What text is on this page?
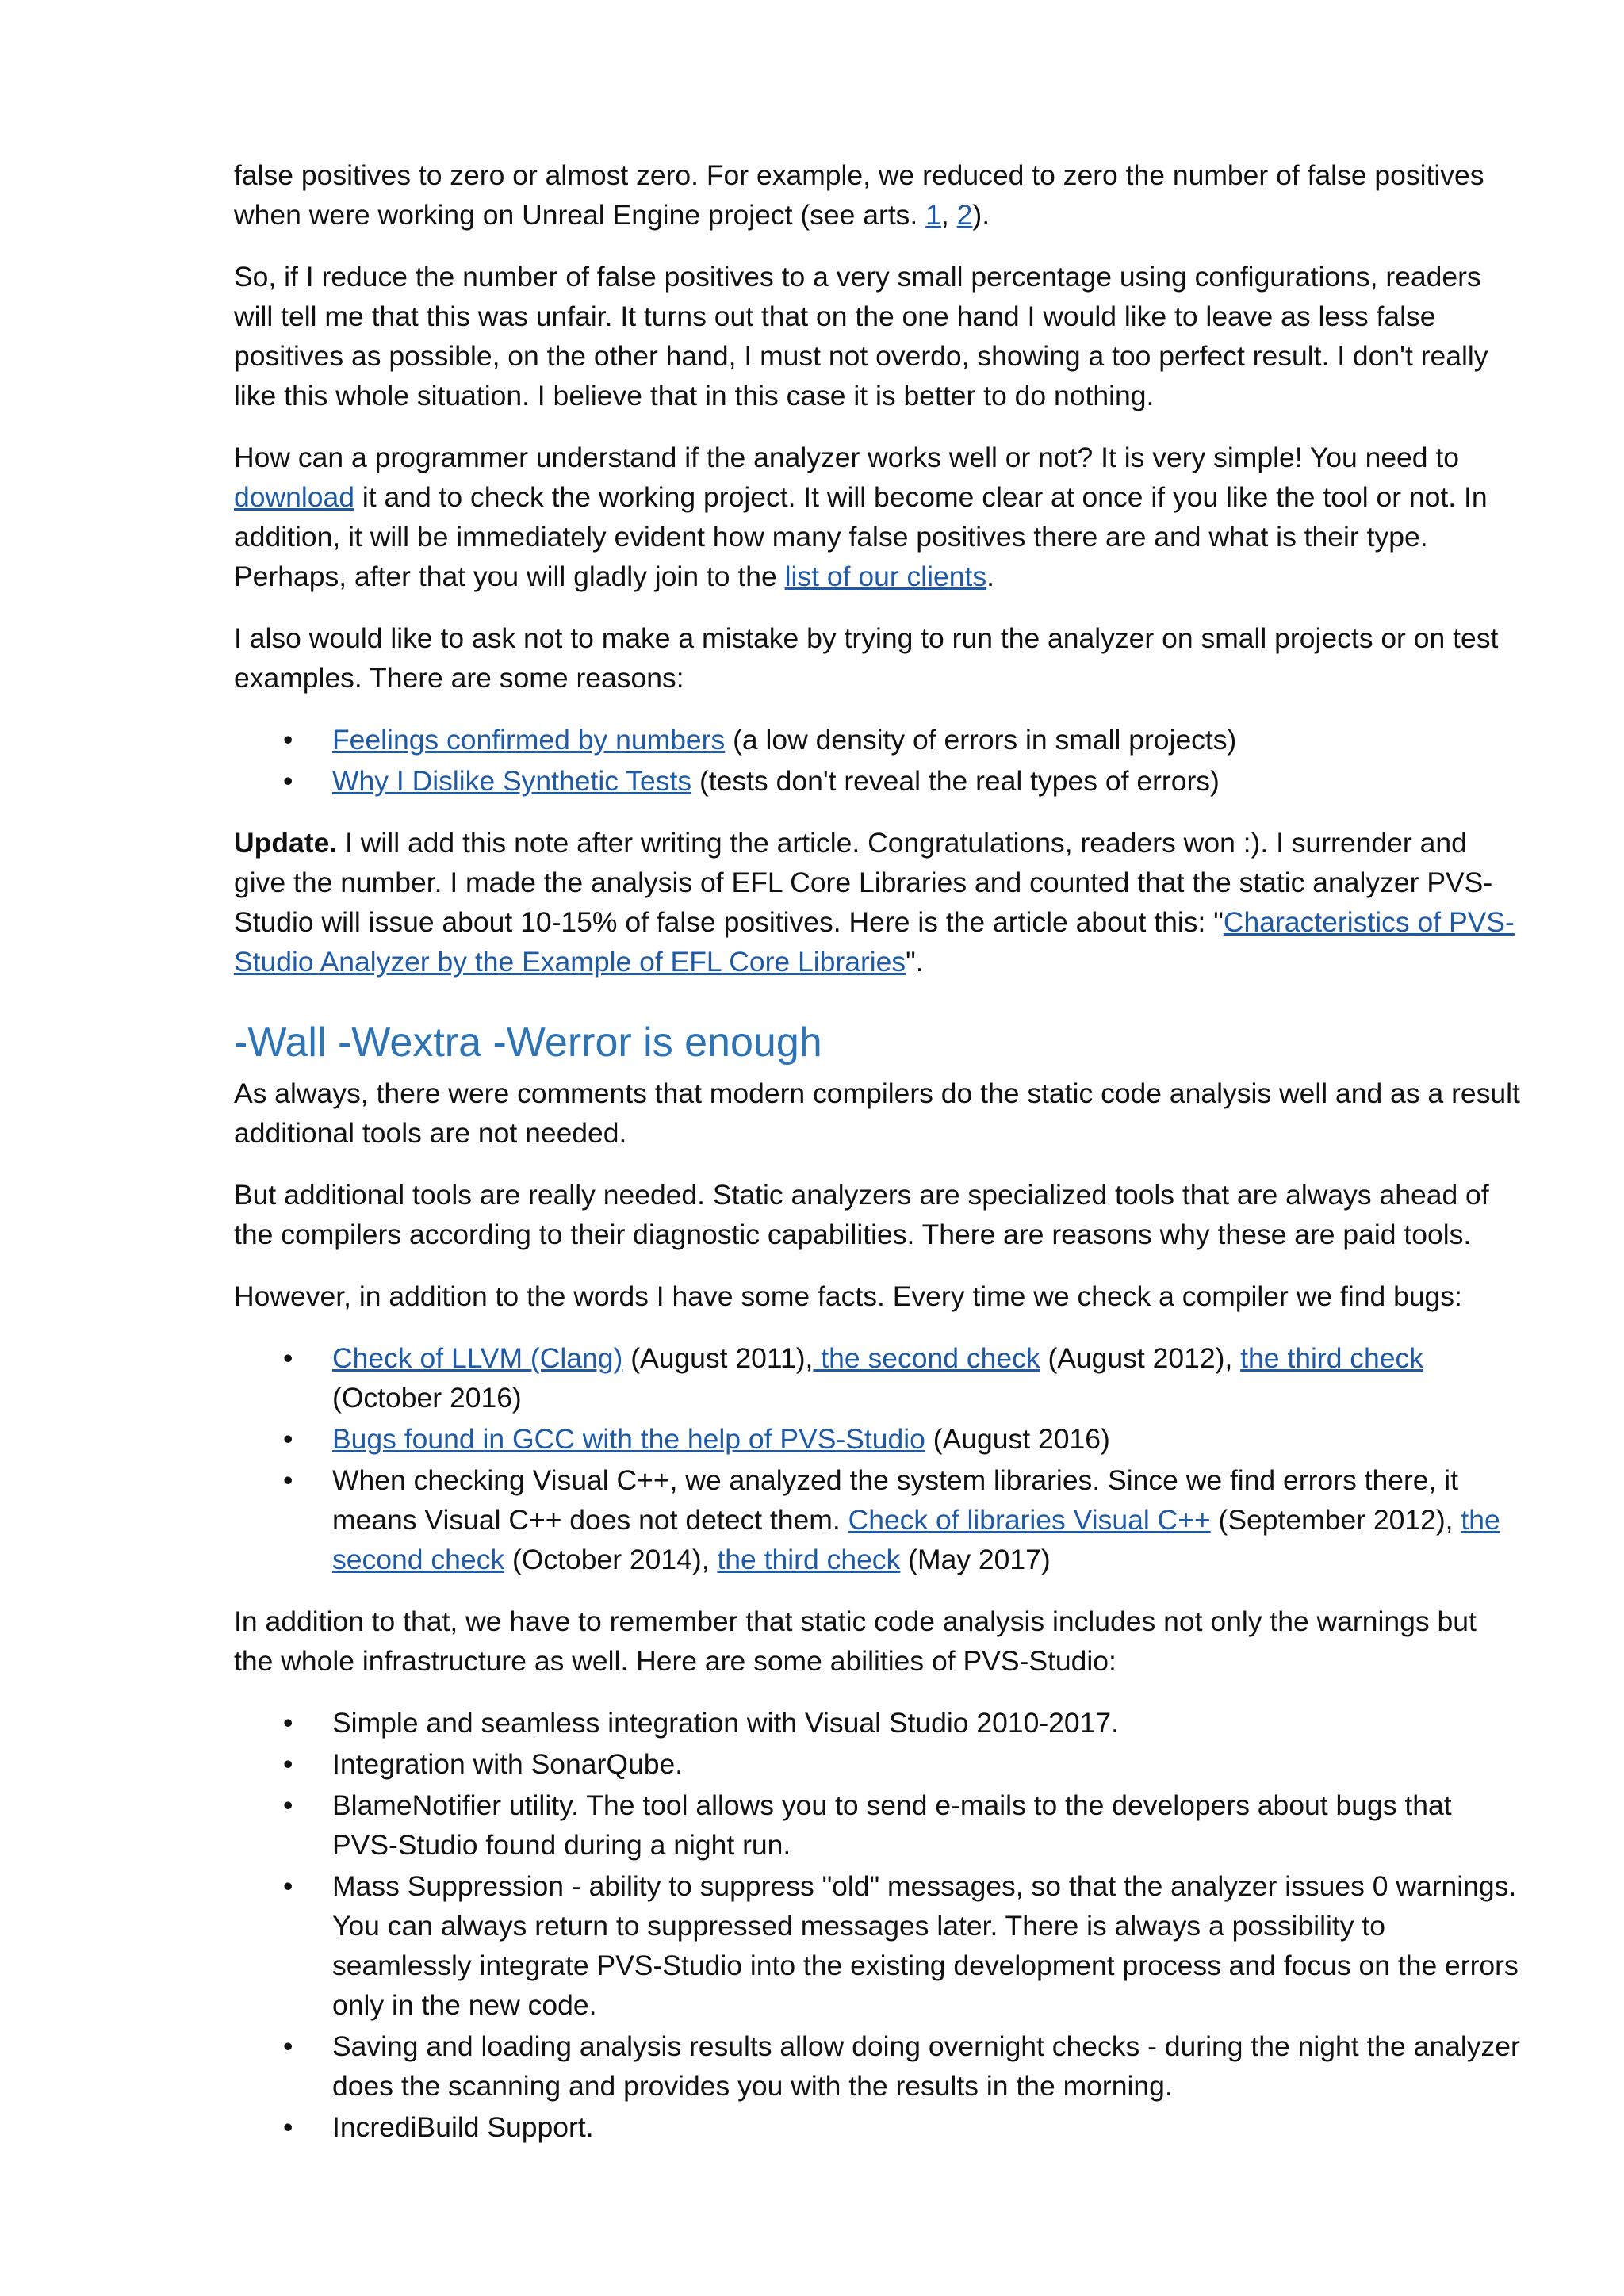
false positives to zero or almost zero. For example, we reduced to zero the number of false positives when were working on Unreal Engine project (see arts. 1, 2).

So, if I reduce the number of false positives to a very small percentage using configurations, readers will tell me that this was unfair. It turns out that on the one hand I would like to leave as less false positives as possible, on the other hand, I must not overdo, showing a too perfect result. I don't really like this whole situation. I believe that in this case it is better to do nothing.

How can a programmer understand if the analyzer works well or not? It is very simple! You need to download it and to check the working project. It will become clear at once if you like the tool or not. In addition, it will be immediately evident how many false positives there are and what is their type. Perhaps, after that you will gladly join to the list of our clients.

I also would like to ask not to make a mistake by trying to run the analyzer on small projects or on test examples. There are some reasons:

• Feelings confirmed by numbers (a low density of errors in small projects)
• Why I Dislike Synthetic Tests (tests don't reveal the real types of errors)

Update. I will add this note after writing the article. Congratulations, readers won :). I surrender and give the number. I made the analysis of EFL Core Libraries and counted that the static analyzer PVS-Studio will issue about 10-15% of false positives. Here is the article about this: "Characteristics of PVS-Studio Analyzer by the Example of EFL Core Libraries".

-Wall -Wextra -Werror is enough

As always, there were comments that modern compilers do the static code analysis well and as a result additional tools are not needed.

But additional tools are really needed. Static analyzers are specialized tools that are always ahead of the compilers according to their diagnostic capabilities. There are reasons why these are paid tools.

However, in addition to the words I have some facts. Every time we check a compiler we find bugs:

• Check of LLVM (Clang) (August 2011), the second check (August 2012), the third check (October 2016)
• Bugs found in GCC with the help of PVS-Studio (August 2016)
• When checking Visual C++, we analyzed the system libraries. Since we find errors there, it means Visual C++ does not detect them. Check of libraries Visual C++ (September 2012), the second check (October 2014), the third check (May 2017)

In addition to that, we have to remember that static code analysis includes not only the warnings but the whole infrastructure as well. Here are some abilities of PVS-Studio:

• Simple and seamless integration with Visual Studio 2010-2017.
• Integration with SonarQube.
• BlameNotifier utility. The tool allows you to send e-mails to the developers about bugs that PVS-Studio found during a night run.
• Mass Suppression - ability to suppress "old" messages, so that the analyzer issues 0 warnings. You can always return to suppressed messages later. There is always a possibility to seamlessly integrate PVS-Studio into the existing development process and focus on the errors only in the new code.
• Saving and loading analysis results allow doing overnight checks - during the night the analyzer does the scanning and provides you with the results in the morning.
• IncrediBuild Support.
